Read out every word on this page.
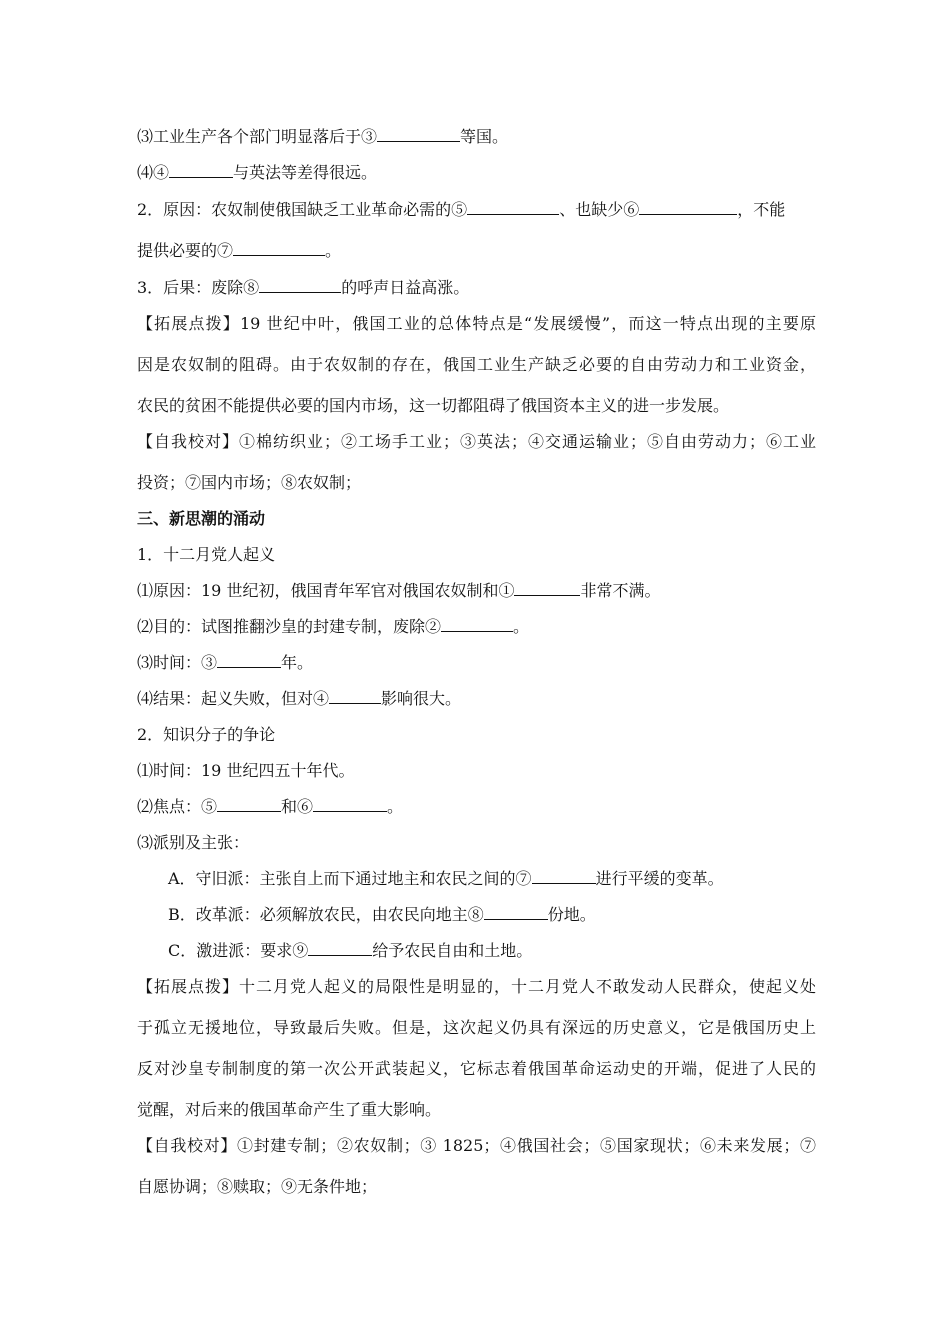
⑶工业生产各个部门明显落后于③	等国。
⑷④	与英法等差得很远。
2．原因：农奴制使俄国缺乏工业革命必需的⑤	、也缺少⑥	，不能
提供必要的⑦	。
3．后果：废除⑧	的呼声日益高涨。
【拓展点拨】19 世纪中叶，俄国工业的总体特点是“发展缓慢”，而这一特点出现的主要原
因是农奴制的阻碍。由于农奴制的存在，俄国工业生产缺乏必要的自由劳动力和工业资金，
农民的贫困不能提供必要的国内市场，这一切都阻碍了俄国资本主义的进一步发展。
【自我校对】①棉纺织业；②工场手工业；③英法；④交通运输业；⑤自由劳动力；⑥工业
投资；⑦国内市场；⑧农奴制；
三、新思潮的涌动
1．十二月党人起义
⑴原因：19 世纪初，俄国青年军官对俄国农奴制和①	非常不满。
⑵目的：试图推翻沙皇的封建专制，废除②	。
⑶时间：③	年。
⑷结果：起义失败，但对④	影响很大。
2．知识分子的争论
⑴时间：19 世纪四五十年代。
⑵焦点：⑤	和⑥	。
⑶派别及主张：
A．守旧派：主张自上而下通过地主和农民之间的⑦	进行平缓的变革。
B．改革派：必须解放农民，由农民向地主⑧	份地。
C．激进派：要求⑨	给予农民自由和土地。
【拓展点拨】十二月党人起义的局限性是明显的，十二月党人不敢发动人民群众，使起义处
于孤立无援地位，导致最后失败。但是，这次起义仍具有深远的历史意义，它是俄国历史上
反对沙皇专制制度的第一次公开武装起义，它标志着俄国革命运动史的开端，促进了人民的
觉醒，对后来的俄国革命产生了重大影响。
【自我校对】①封建专制；②农奴制；③ 1825；④俄国社会；⑤国家现状；⑥未来发展；⑦
自愿协调；⑧赎取；⑨无条件地；
